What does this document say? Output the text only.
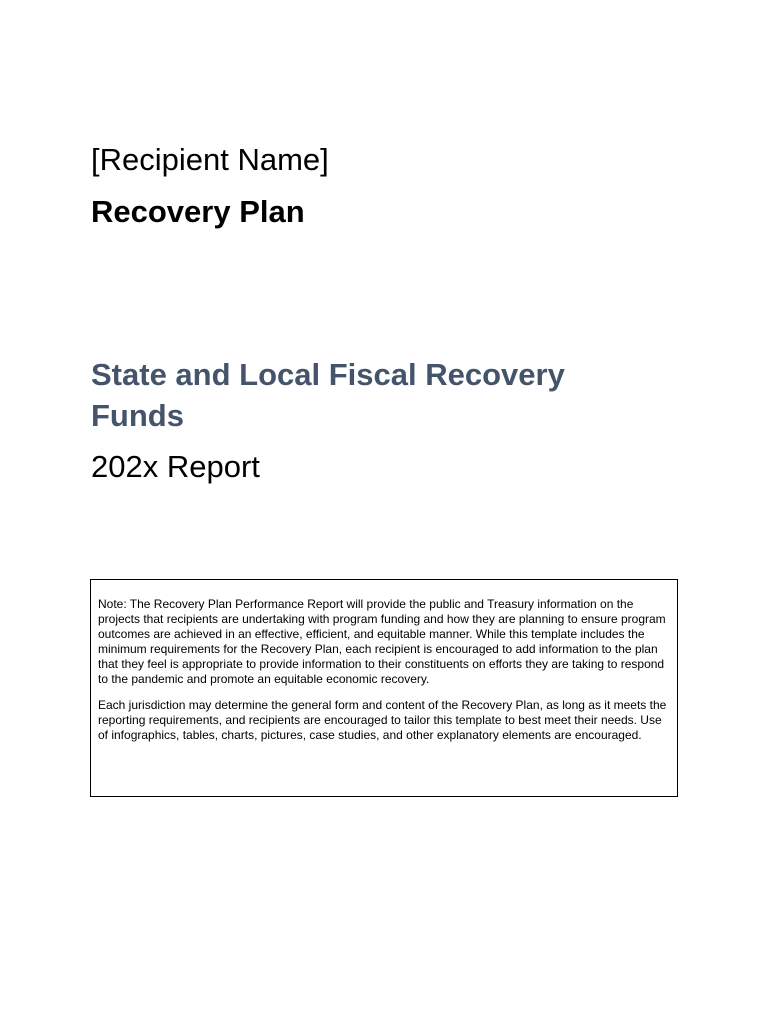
[Recipient Name]
Recovery Plan
State and Local Fiscal Recovery Funds
202x Report

Note: The Recovery Plan Performance Report will provide the public and Treasury information on the projects that recipients are undertaking with program funding and how they are planning to ensure program outcomes are achieved in an effective, efficient, and equitable manner. While this template includes the minimum requirements for the Recovery Plan, each recipient is encouraged to add information to the plan that they feel is appropriate to provide information to their constituents on efforts they are taking to respond to the pandemic and promote an equitable economic recovery.

Each jurisdiction may determine the general form and content of the Recovery Plan, as long as it meets the reporting requirements, and recipients are encouraged to tailor this template to best meet their needs. Use of infographics, tables, charts, pictures, case studies, and other explanatory elements are encouraged.
